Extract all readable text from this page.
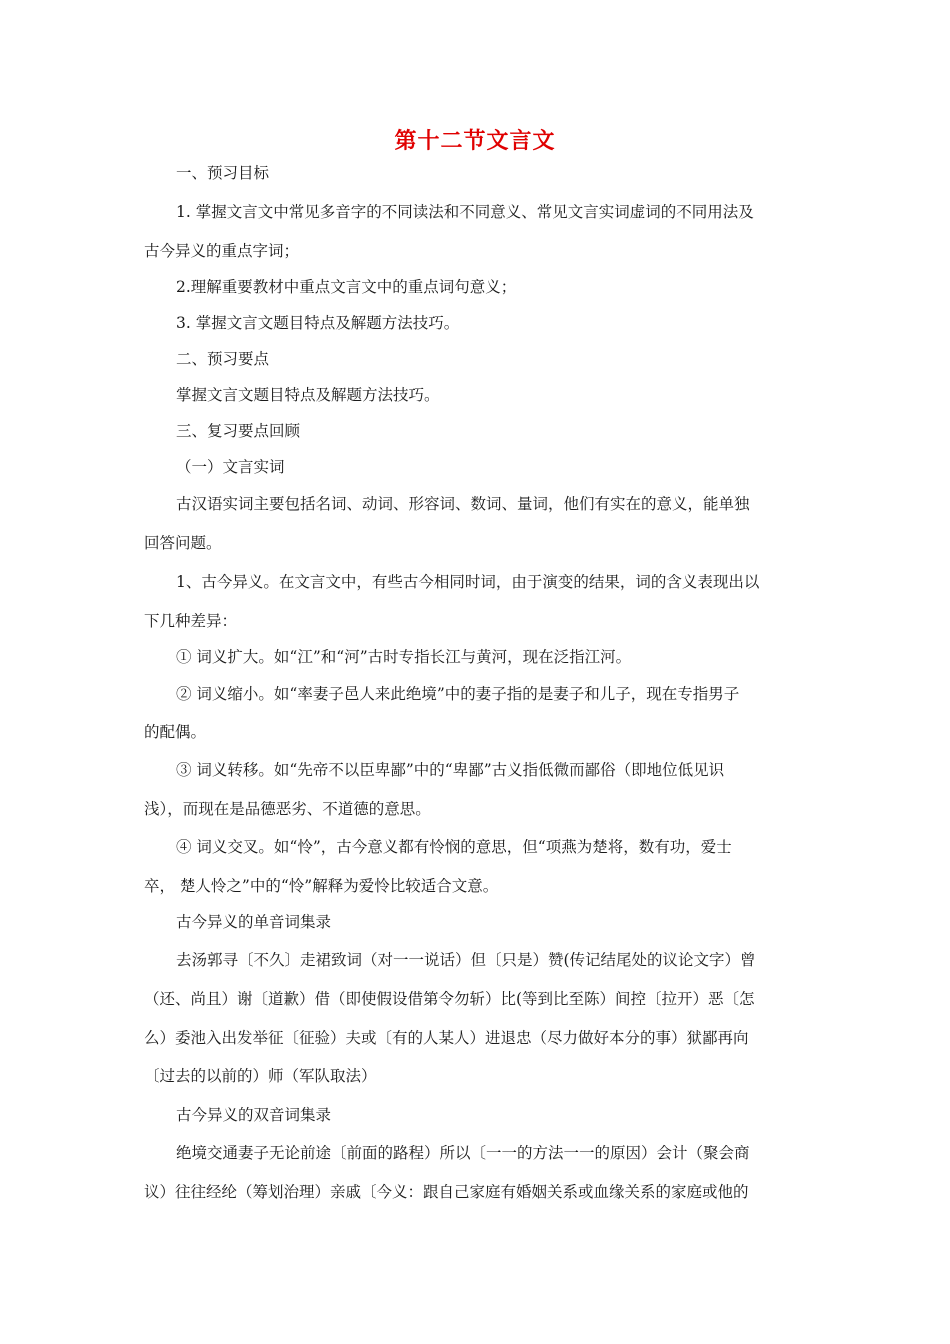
第十二节文言文
一、预习目标
1. 掌握文言文中常见多音字的不同读法和不同意义、常见文言实词虚词的不同用法及
古今异义的重点字词；
2.理解重要教材中重点文言文中的重点词句意义；
3. 掌握文言文题目特点及解题方法技巧。
二、预习要点
掌握文言文题目特点及解题方法技巧。
三、复习要点回顾
（一）文言实词
古汉语实词主要包括名词、动词、形容词、数词、量词，他们有实在的意义，能单独
回答问题。
1、古今异义。在文言文中，有些古今相同时词，由于演变的结果，词的含义表现出以
下几种差异：
① 词义扩大。如“江”和“河”古时专指长江与黄河，现在泛指江河。
② 词义缩小。如“率妻子邑人来此绝境”中的妻子指的是妻子和儿子，现在专指男子
的配偶。
③ 词义转移。如“先帝不以臣卑鄙”中的“卑鄙”古义指低微而鄙俗（即地位低见识
浅），而现在是品德恶劣、不道德的意思。
④ 词义交叉。如“怜”，古今意义都有怜悯的意思，但“项燕为楚将，数有功，爱士
卒， 楚人怜之”中的“怜”解释为爱怜比较适合文意。
古今异义的单音词集录
去汤郭寻〔不久〕走裙致词（对一一说话）但〔只是）赞(传记结尾处的议论文字）曾
（还、尚且）谢〔道歉）借（即使假设借第令勿斩）比(等到比至陈）间控〔拉开）恶〔怎
么）委池入出发举征〔征验）夫或〔有的人某人）进退忠（尽力做好本分的事）狱鄙再向
〔过去的以前的）师（军队取法）
古今异义的双音词集录
绝境交通妻子无论前途〔前面的路程）所以〔一一的方法一一的原因）会计（聚会商
议）往往经纶（筹划治理）亲戚〔今义：跟自己家庭有婚姻关系或血缘关系的家庭或他的
